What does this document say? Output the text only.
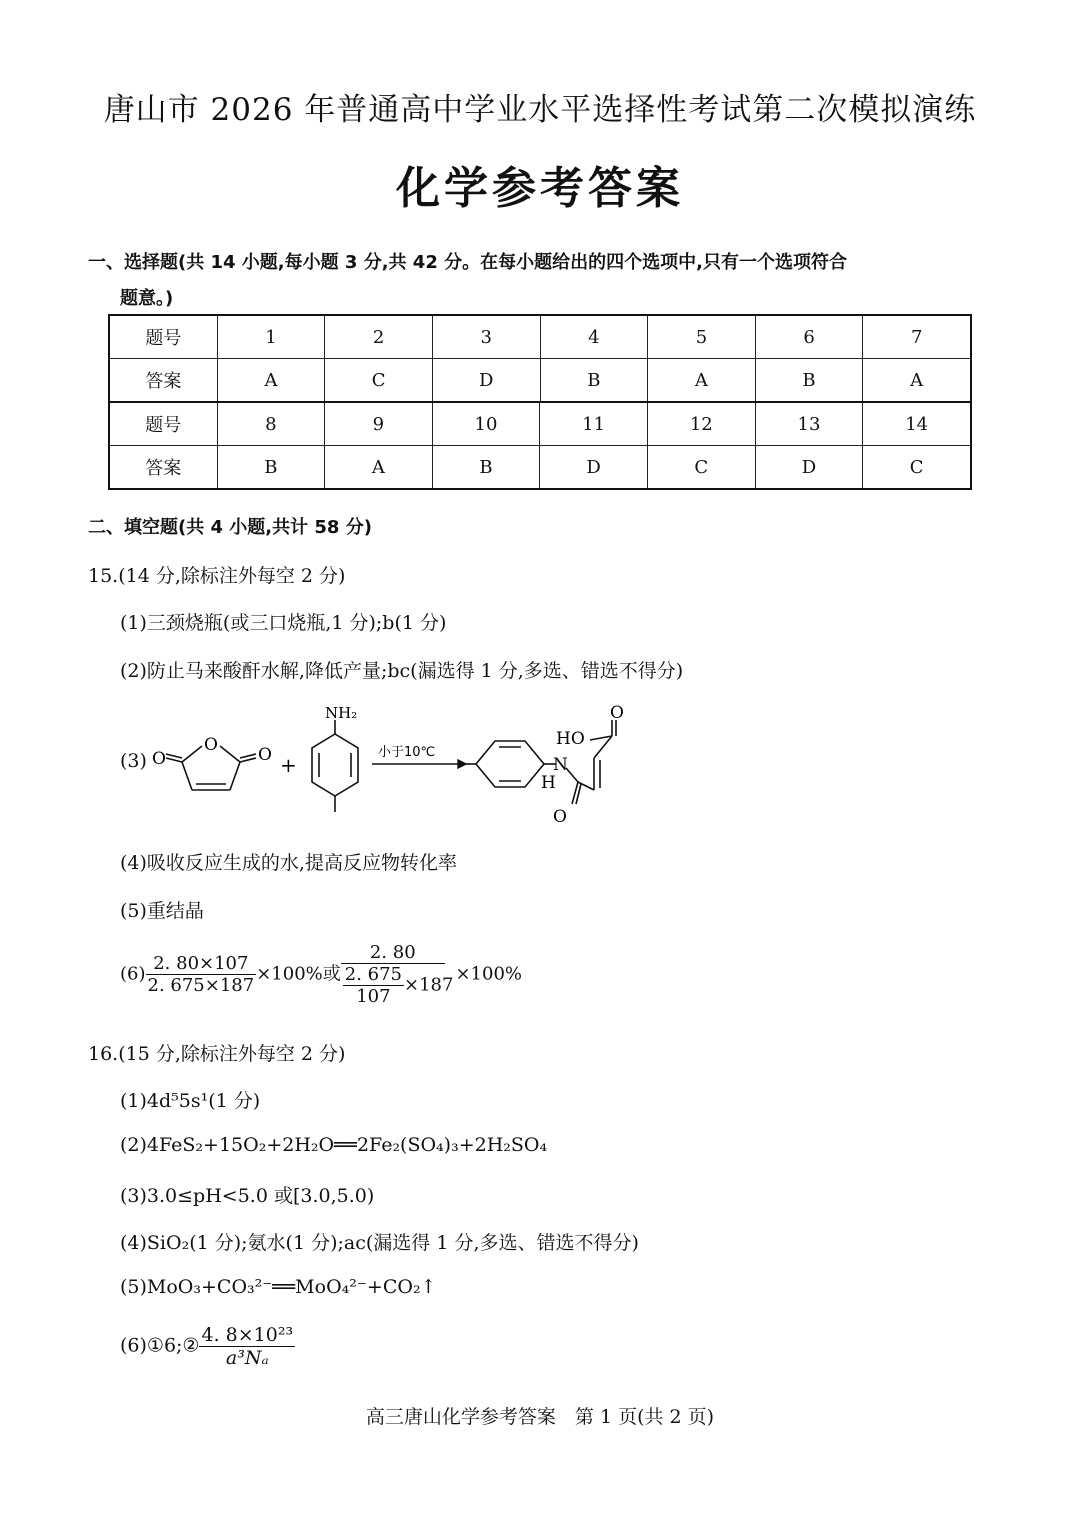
唐山市 2026 年普通高中学业水平选择性考试第二次模拟演练
化学参考答案
一、选择题(共 14 小题,每小题 3 分,共 42 分。在每小题给出的四个选项中,只有一个选项符合
题意。)
题号	1	2	3	4	5	6	7
答案	A	C	D	B	A	B	A
题号	8	9	10	11	12	13	14
答案	B	A	B	D	C	D	C
二、填空题(共 4 小题,共计 58 分)
15.(14 分,除标注外每空 2 分)
(1)三颈烧瓶(或三口烧瓶,1 分);b(1 分)
(2)防止马来酸酐水解,降低产量;bc(漏选得 1 分,多选、错选不得分)
(3) O
O O +
NH₂
小于10℃
HO
O
N
H
O
(4)吸收反应生成的水,提高反应物转化率
(5)重结晶
$(6) \frac{2. 80\times 107}{2. 675\times 187} \times 100\%$或 $\frac{2. 80}{\frac{2. 675}{107} \times 187} \times 100\%$
16.(15 分,除标注外每空 2 分)
(1)4d⁵5s¹(1 分)
(2)4FeS₂+15O₂+2H₂O══2Fe₂(SO₄)₃+2H₂SO₄
(3)3.0≤pH<5.0 或[3.0,5.0)
(4)SiO₂(1 分);氨水(1 分);ac(漏选得 1 分,多选、错选不得分)
(5)MoO₃+CO₃²⁻══MoO₄²⁻+CO₂↑
(6)①6;② $\frac{\text{4. 8×10²³}}{\text{a³Nₐ}}$
高三唐山化学参考答案　第 1 页(共 2 页)
